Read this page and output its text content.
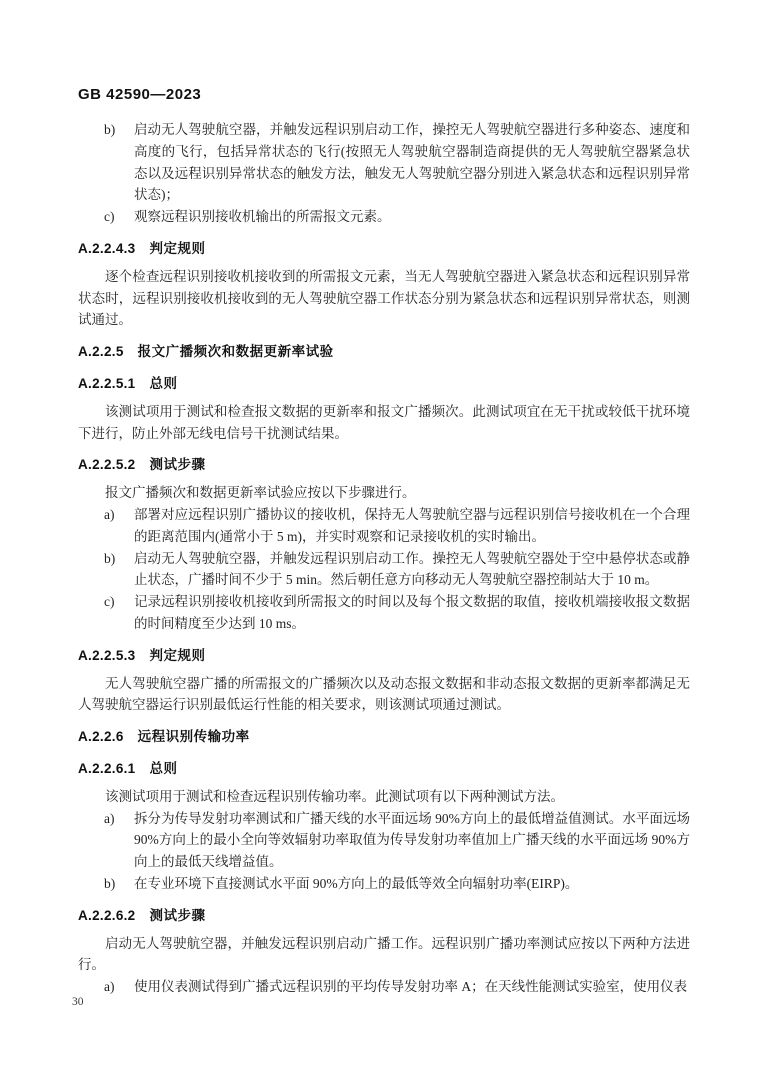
GB 42590—2023
b) 启动无人驾驶航空器，并触发远程识别启动工作，操控无人驾驶航空器进行多种姿态、速度和高度的飞行，包括异常状态的飞行(按照无人驾驶航空器制造商提供的无人驾驶航空器紧急状态以及远程识别异常状态的触发方法，触发无人驾驶航空器分别进入紧急状态和远程识别异常状态)；
c) 观察远程识别接收机输出的所需报文元素。
A.2.2.4.3 判定规则

逐个检查远程识别接收机接收到的所需报文元素，当无人驾驶航空器进入紧急状态和远程识别异常状态时，远程识别接收机接收到的无人驾驶航空器工作状态分别为紧急状态和远程识别异常状态，则测试通过。

A.2.2.5 报文广播频次和数据更新率试验
A.2.2.5.1 总则

该测试项用于测试和检查报文数据的更新率和报文广播频次。此测试项宜在无干扰或较低干扰环境下进行，防止外部无线电信号干扰测试结果。

A.2.2.5.2 测试步骤

报文广播频次和数据更新率试验应按以下步骤进行。

a) 部署对应远程识别广播协议的接收机，保持无人驾驶航空器与远程识别信号接收机在一个合理的距离范围内(通常小于 5 m)，并实时观察和记录接收机的实时输出。
b) 启动无人驾驶航空器，并触发远程识别启动工作。操控无人驾驶航空器处于空中悬停状态或静止状态，广播时间不少于 5 min。然后朝任意方向移动无人驾驶航空器控制站大于 10 m。
c) 记录远程识别接收机接收到所需报文的时间以及每个报文数据的取值，接收机端接收报文数据的时间精度至少达到 10 ms。
A.2.2.5.3 判定规则

无人驾驶航空器广播的所需报文的广播频次以及动态报文数据和非动态报文数据的更新率都满足无人驾驶航空器运行识别最低运行性能的相关要求，则该测试项通过测试。

A.2.2.6 远程识别传输功率
A.2.2.6.1 总则

该测试项用于测试和检查远程识别传输功率。此测试项有以下两种测试方法。

a) 拆分为传导发射功率测试和广播天线的水平面远场 90%方向上的最低增益值测试。水平面远场 90%方向上的最小全向等效辐射功率取值为传导发射功率值加上广播天线的水平面远场 90%方向上的最低天线增益值。
b) 在专业环境下直接测试水平面 90%方向上的最低等效全向辐射功率(EIRP)。
A.2.2.6.2 测试步骤

启动无人驾驶航空器，并触发远程识别启动广播工作。远程识别广播功率测试应按以下两种方法进行。

a) 使用仪表测试得到广播式远程识别的平均传导发射功率 A；在天线性能测试实验室，使用仪表
30
